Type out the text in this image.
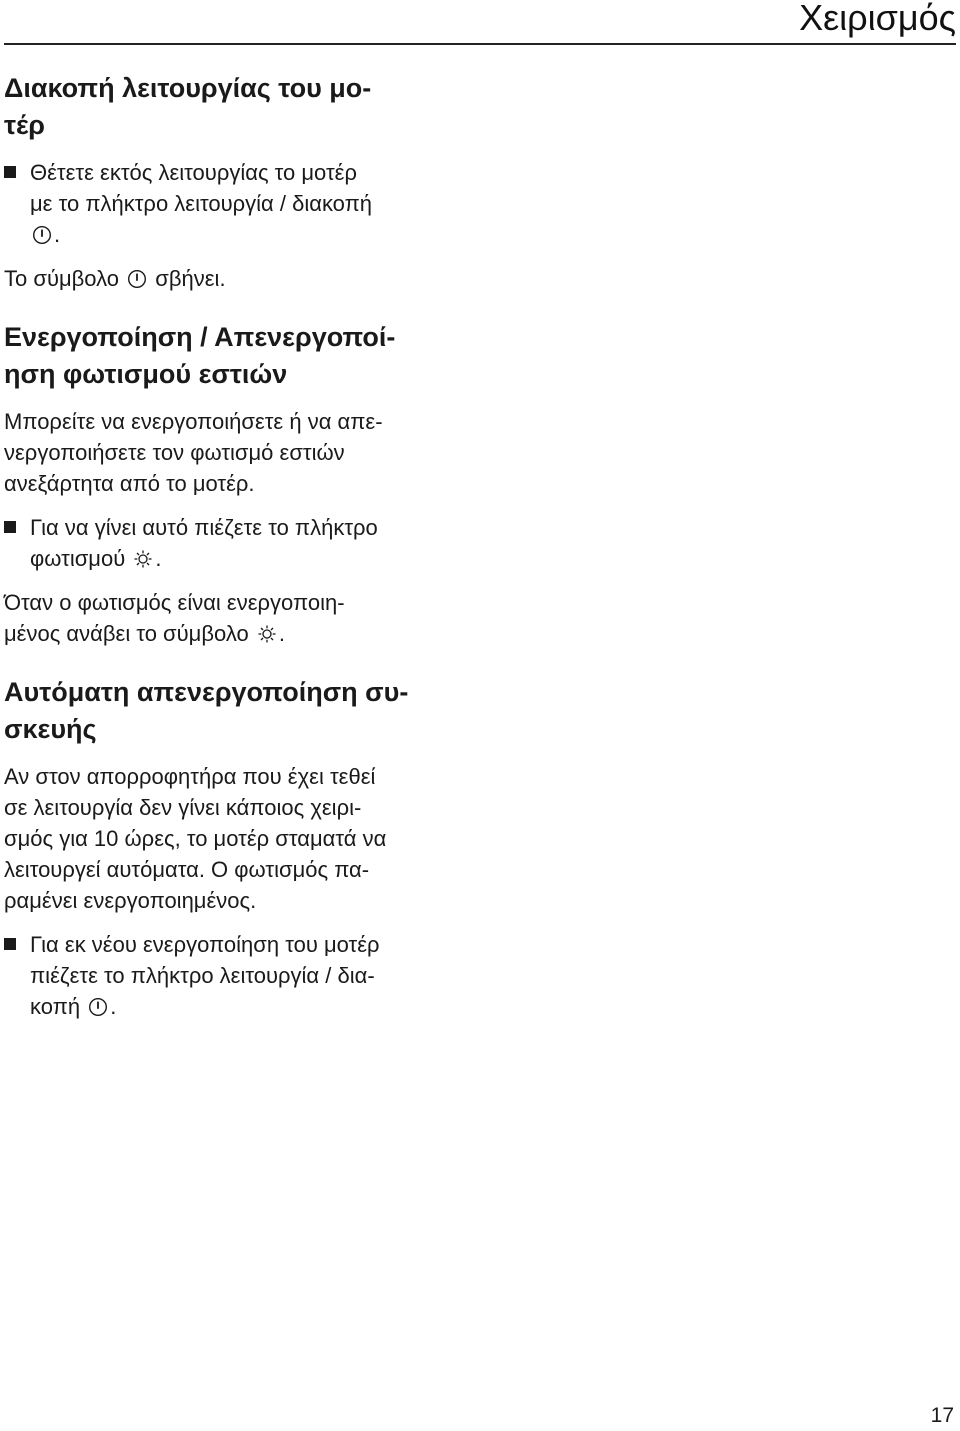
Χειρισμός

Διακοπή λειτουργίας του μο-
τέρ

Θέτετε εκτός λειτουργίας το μοτέρ
με το πλήκτρο λειτουργία / διακοπή

.

Το σύμβολο σβήνει.

Ενεργοποίηση / Απενεργοποί-
ηση φωτισμού εστιών

Μπορείτε να ενεργοποιήσετε ή να απε-
νεργοποιήσετε τον φωτισμό εστιών
ανεξάρτητα από το μοτέρ.

Για να γίνει αυτό πιέζετε το πλήκτρο
φωτισμού .

Όταν ο φωτισμός είναι ενεργοποιη-
μένος ανάβει το σύμβολο .

Αυτόματη απενεργοποίηση συ-
σκευής

Αν στον απορροφητήρα που έχει τεθεί
σε λειτουργία δεν γίνει κάποιος χειρι-
σμός για 10 ώρες, το μοτέρ σταματά να
λειτουργεί αυτόματα. Ο φωτισμός πα-
ραμένει ενεργοποιημένος.

Για εκ νέου ενεργοποίηση του μοτέρ
πιέζετε το πλήκτρο λειτουργία / δια-
κοπή .

17
